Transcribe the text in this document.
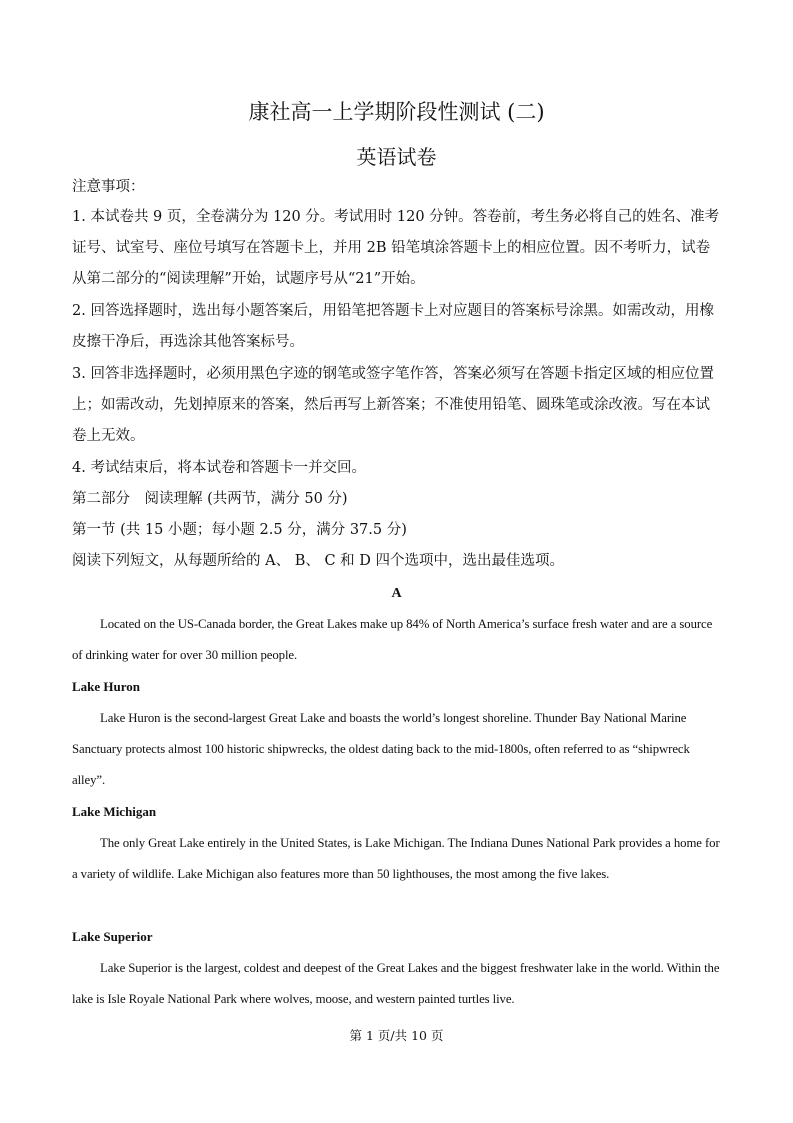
康社高一上学期阶段性测试 (二)
英语试卷
注意事项：
1. 本试卷共 9 页，全卷满分为 120 分。考试用时 120 分钟。答卷前，考生务必将自己的姓名、准考证号、试室号、座位号填写在答题卡上，并用 2B 铅笔填涂答题卡上的相应位置。因不考听力，试卷从第二部分的“阅读理解”开始，试题序号从“21”开始。
2. 回答选择题时，选出每小题答案后，用铅笔把答题卡上对应题目的答案标号涂黑。如需改动，用橡皮擦干净后，再选涂其他答案标号。
3. 回答非选择题时，必须用黑色字迹的钢笔或签字笔作答，答案必须写在答题卡指定区域的相应位置上；如需改动，先划掉原来的答案，然后再写上新答案；不准使用铅笔、圆珠笔或涂改液。写在本试卷上无效。
4. 考试结束后，将本试卷和答题卡一并交回。
第二部分　阅读理解 (共两节，满分 50 分)
第一节 (共 15 小题；每小题 2.5 分，满分 37.5 分)
阅读下列短文，从每题所给的 A、 B、 C 和 D 四个选项中，选出最佳选项。
A
Located on the US-Canada border, the Great Lakes make up 84% of North America’s surface fresh water and are a source of drinking water for over 30 million people.
Lake Huron
Lake Huron is the second-largest Great Lake and boasts the world’s longest shoreline. Thunder Bay National Marine Sanctuary protects almost 100 historic shipwrecks, the oldest dating back to the mid-1800s, often referred to as “shipwreck alley”.
Lake Michigan
The only Great Lake entirely in the United States, is Lake Michigan. The Indiana Dunes National Park provides a home for a variety of wildlife. Lake Michigan also features more than 50 lighthouses, the most among the five lakes.
Lake Superior
Lake Superior is the largest, coldest and deepest of the Great Lakes and the biggest freshwater lake in the world. Within the lake is Isle Royale National Park where wolves, moose, and western painted turtles live.
第 1 页/共 10 页
